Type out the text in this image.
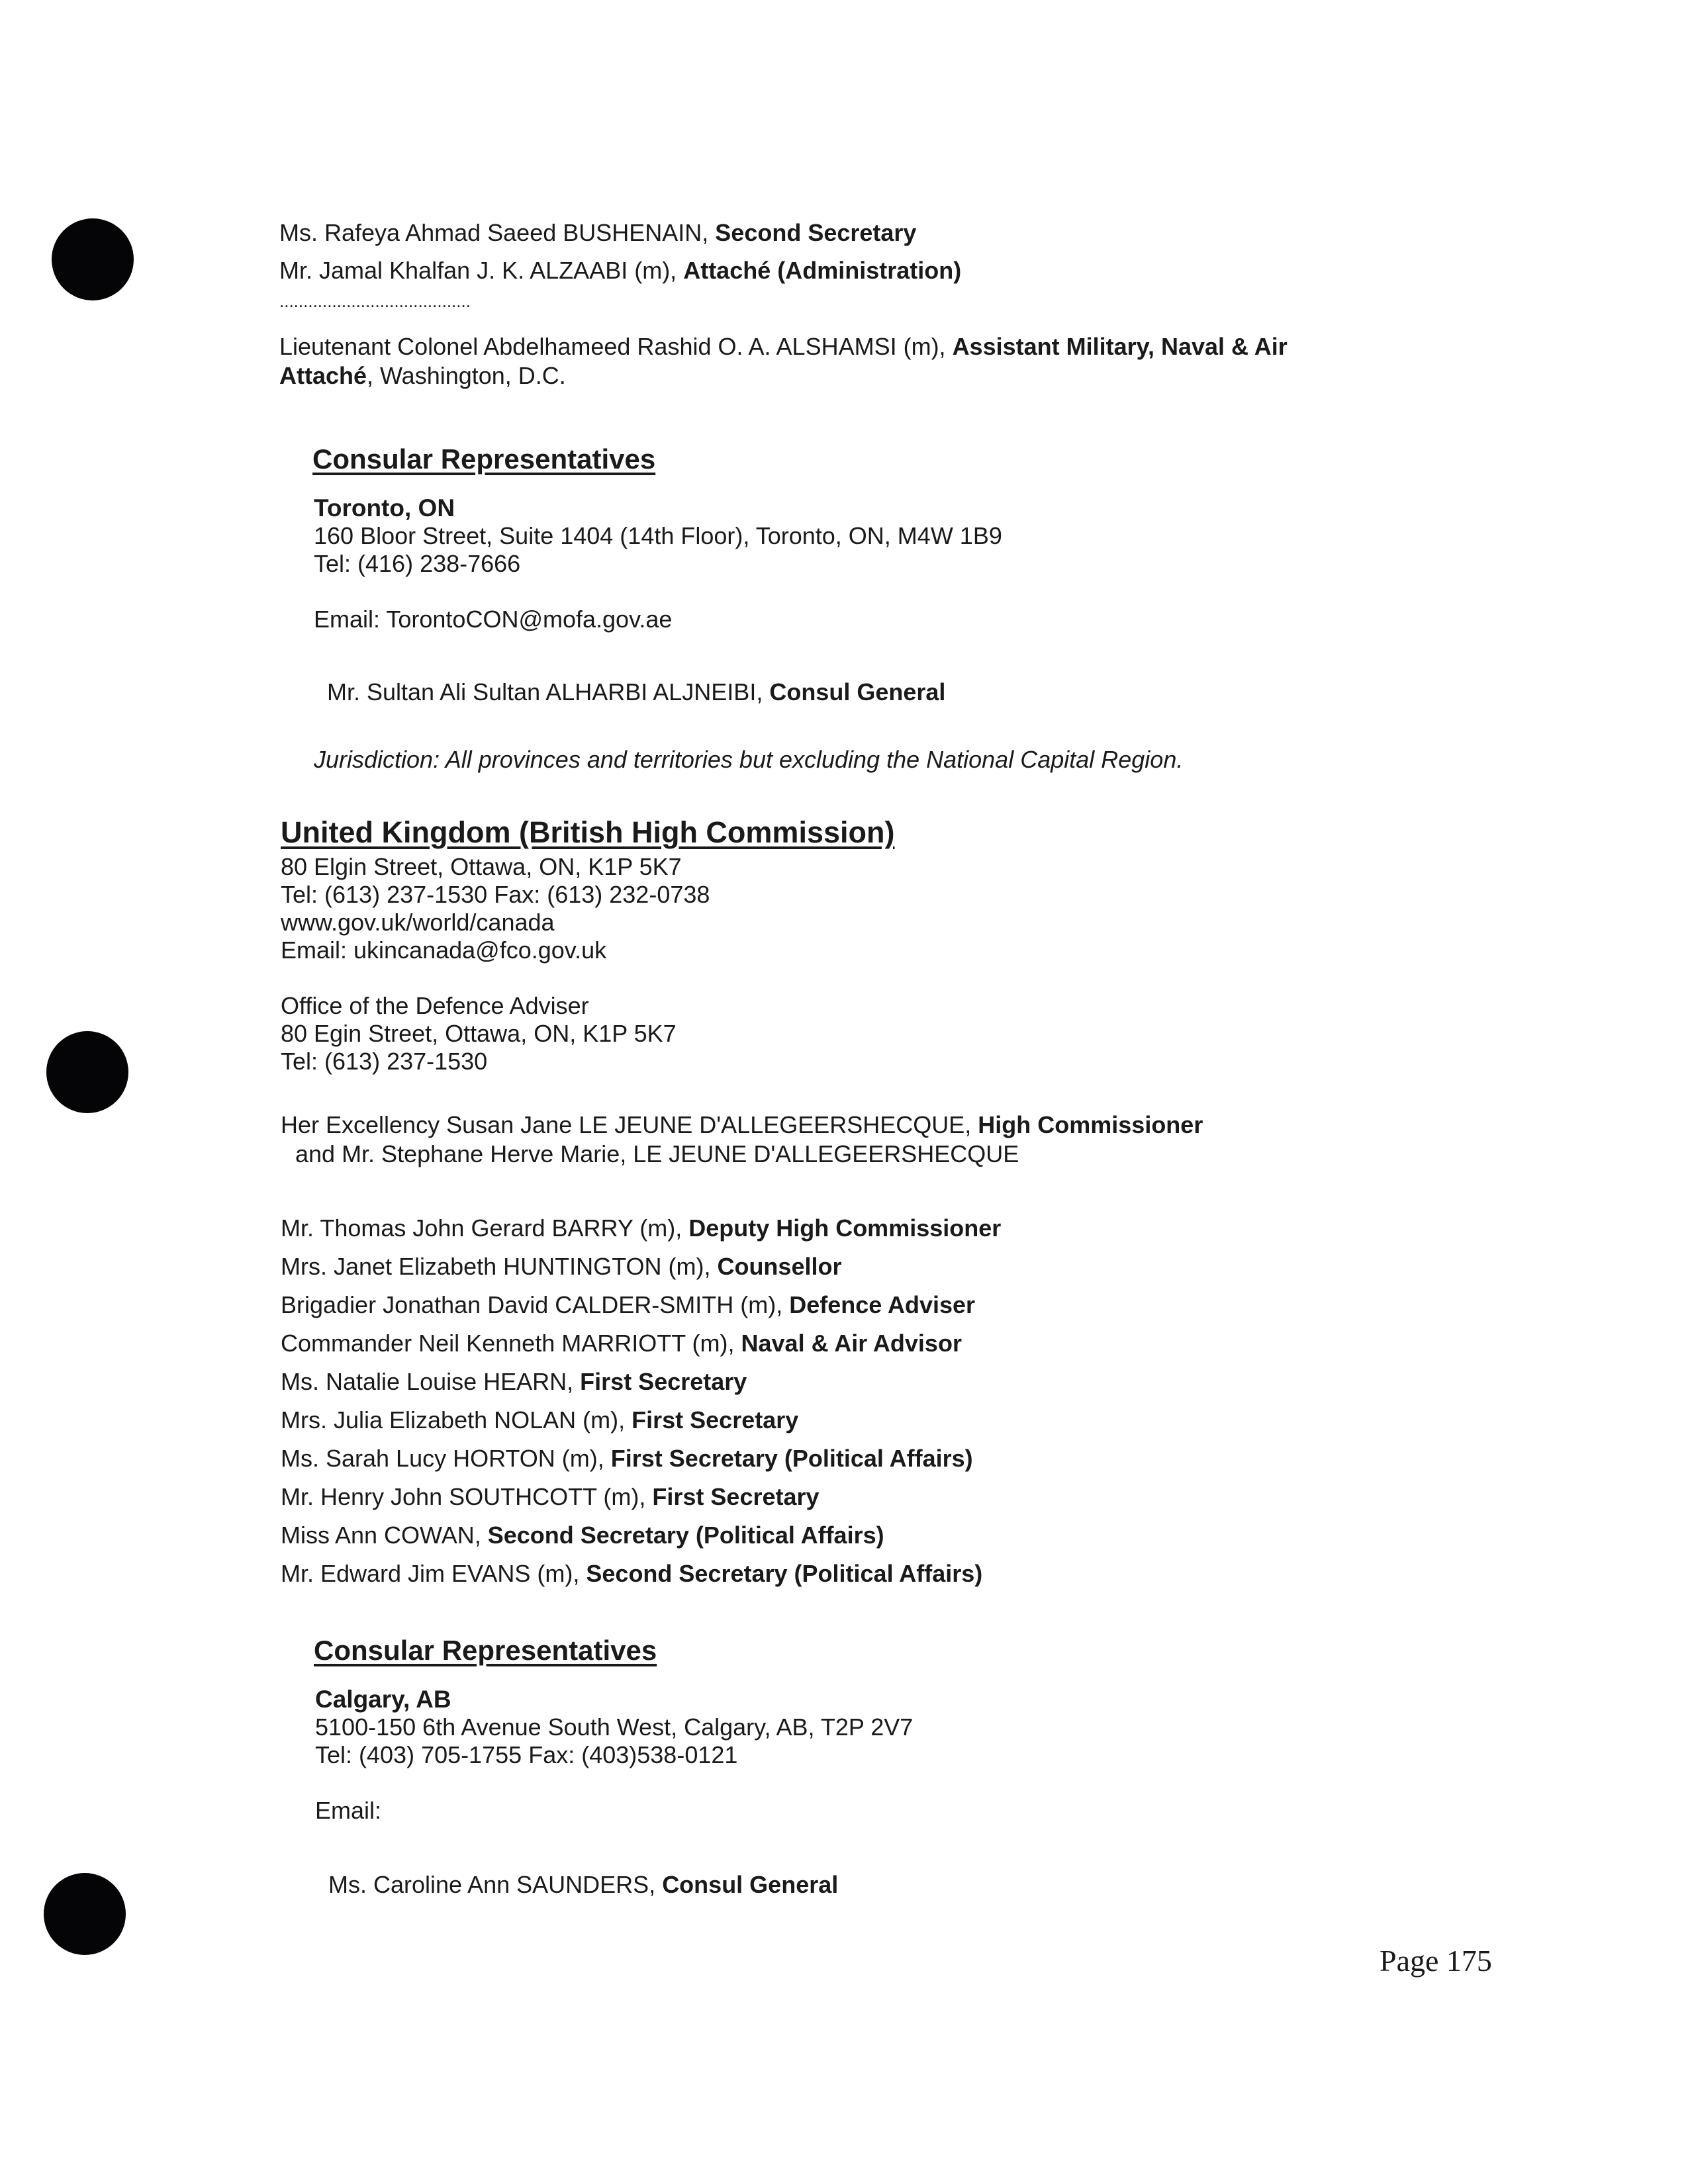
Ms. Rafeya Ahmad Saeed BUSHENAIN, Second Secretary
Mr. Jamal Khalfan J. K. ALZAABI (m), Attaché (Administration)
........................................
Lieutenant Colonel Abdelhameed Rashid O. A. ALSHAMSI (m), Assistant Military, Naval & Air
Attaché, Washington, D.C.
Consular Representatives
Toronto, ON
160 Bloor Street, Suite 1404 (14th Floor), Toronto, ON, M4W 1B9
Tel: (416) 238-7666
Email: TorontoCON@mofa.gov.ae
Mr. Sultan Ali Sultan ALHARBI ALJNEIBI, Consul General
Jurisdiction: All provinces and territories but excluding the National Capital Region.
United Kingdom (British High Commission)
80 Elgin Street, Ottawa, ON, K1P 5K7
Tel: (613) 237-1530 Fax: (613) 232-0738
www.gov.uk/world/canada
Email: ukincanada@fco.gov.uk
Office of the Defence Adviser
80 Egin Street, Ottawa, ON, K1P 5K7
Tel: (613) 237-1530
Her Excellency Susan Jane LE JEUNE D'ALLEGEERSHECQUE, High Commissioner
and Mr. Stephane Herve Marie, LE JEUNE D'ALLEGEERSHECQUE
Mr. Thomas John Gerard BARRY (m), Deputy High Commissioner
Mrs. Janet Elizabeth HUNTINGTON (m), Counsellor
Brigadier Jonathan David CALDER-SMITH (m), Defence Adviser
Commander Neil Kenneth MARRIOTT (m), Naval & Air Advisor
Ms. Natalie Louise HEARN, First Secretary
Mrs. Julia Elizabeth NOLAN (m), First Secretary
Ms. Sarah Lucy HORTON (m), First Secretary (Political Affairs)
Mr. Henry John SOUTHCOTT (m), First Secretary
Miss Ann COWAN, Second Secretary (Political Affairs)
Mr. Edward Jim EVANS (m), Second Secretary (Political Affairs)
Consular Representatives
Calgary, AB
5100-150 6th Avenue South West, Calgary, AB, T2P 2V7
Tel: (403) 705-1755 Fax: (403)538-0121
Email:
Ms. Caroline Ann SAUNDERS, Consul General
Page 175
